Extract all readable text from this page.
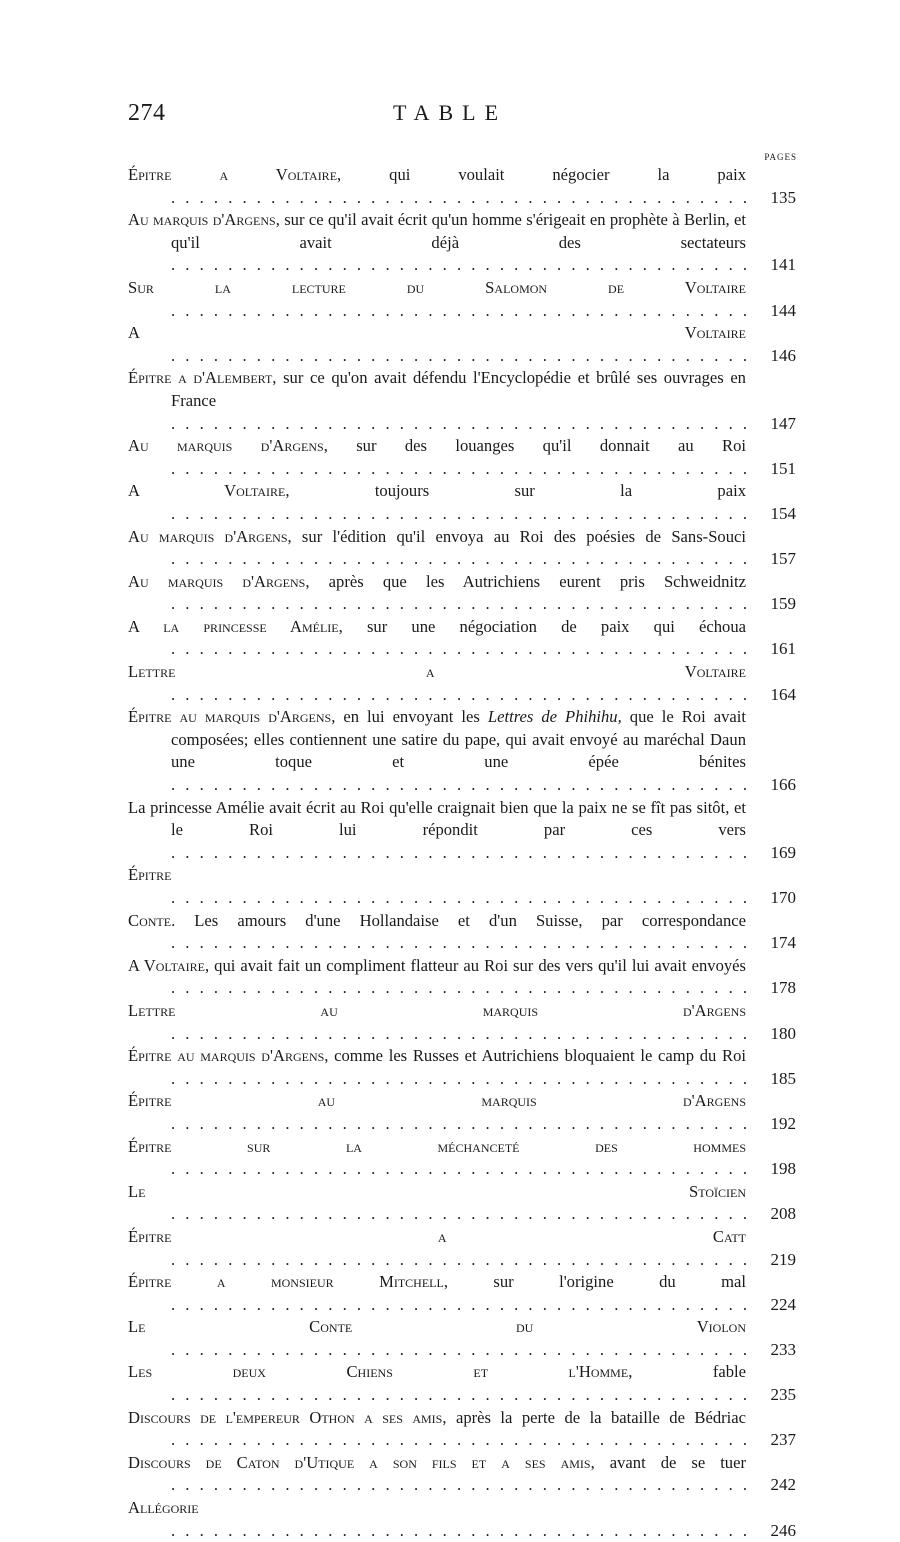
274	TABLE
PAGES
Épitre a Voltaire, qui voulait négocier la paix . . .
135
Au marquis d'Argens, sur ce qu'il avait écrit qu'un homme s'érigeait en prophète à Berlin, et qu'il avait déjà des sectateurs . . .
141
Sur la lecture du Salomon de Voltaire . . .
144
A Voltaire . . .
146
Épitre a d'Alembert, sur ce qu'on avait défendu l'Encyclopédie et brûlé ses ouvrages en France . . .
147
Au marquis d'Argens, sur des louanges qu'il donnait au Roi . . .
151
A Voltaire, toujours sur la paix . . .
154
Au marquis d'Argens, sur l'édition qu'il envoya au Roi des poésies de Sans-Souci . . .
157
Au marquis d'Argens, après que les Autrichiens eurent pris Schweidnitz . . .
159
A la princesse Amélie, sur une négociation de paix qui échoua . . .
161
Lettre a Voltaire . . .
164
Épitre au marquis d'Argens, en lui envoyant les Lettres de Phihihu, que le Roi avait composées; elles contiennent une satire du pape, qui avait envoyé au maréchal Daun une toque et une épée bénites . . .
166
La princesse Amélie avait écrit au Roi qu'elle craignait bien que la paix ne se fît pas sitôt, et le Roi lui répondit par ces vers . . .
169
Épitre . . .
170
Conte. Les amours d'une Hollandaise et d'un Suisse, par correspondance . . .
174
A Voltaire, qui avait fait un compliment flatteur au Roi sur des vers qu'il lui avait envoyés . . .
178
Lettre au marquis d'Argens . . .
180
Épitre au marquis d'Argens, comme les Russes et Autrichiens bloquaient le camp du Roi . . .
185
Épitre au marquis d'Argens . . .
192
Épitre sur la méchanceté des hommes . . .
198
Le Stoïcien . . .
208
Épitre a Catt . . .
219
Épitre a monsieur Mitchell, sur l'origine du mal . . .
224
Le Conte du Violon . . .
233
Les deux Chiens et l'Homme, fable . . .
235
Discours de l'empereur Othon a ses amis, après la perte de la bataille de Bédriac . . .
237
Discours de Caton d'Utique a son fils et a ses amis, avant de se tuer . . .
242
Allégorie . . .
246
